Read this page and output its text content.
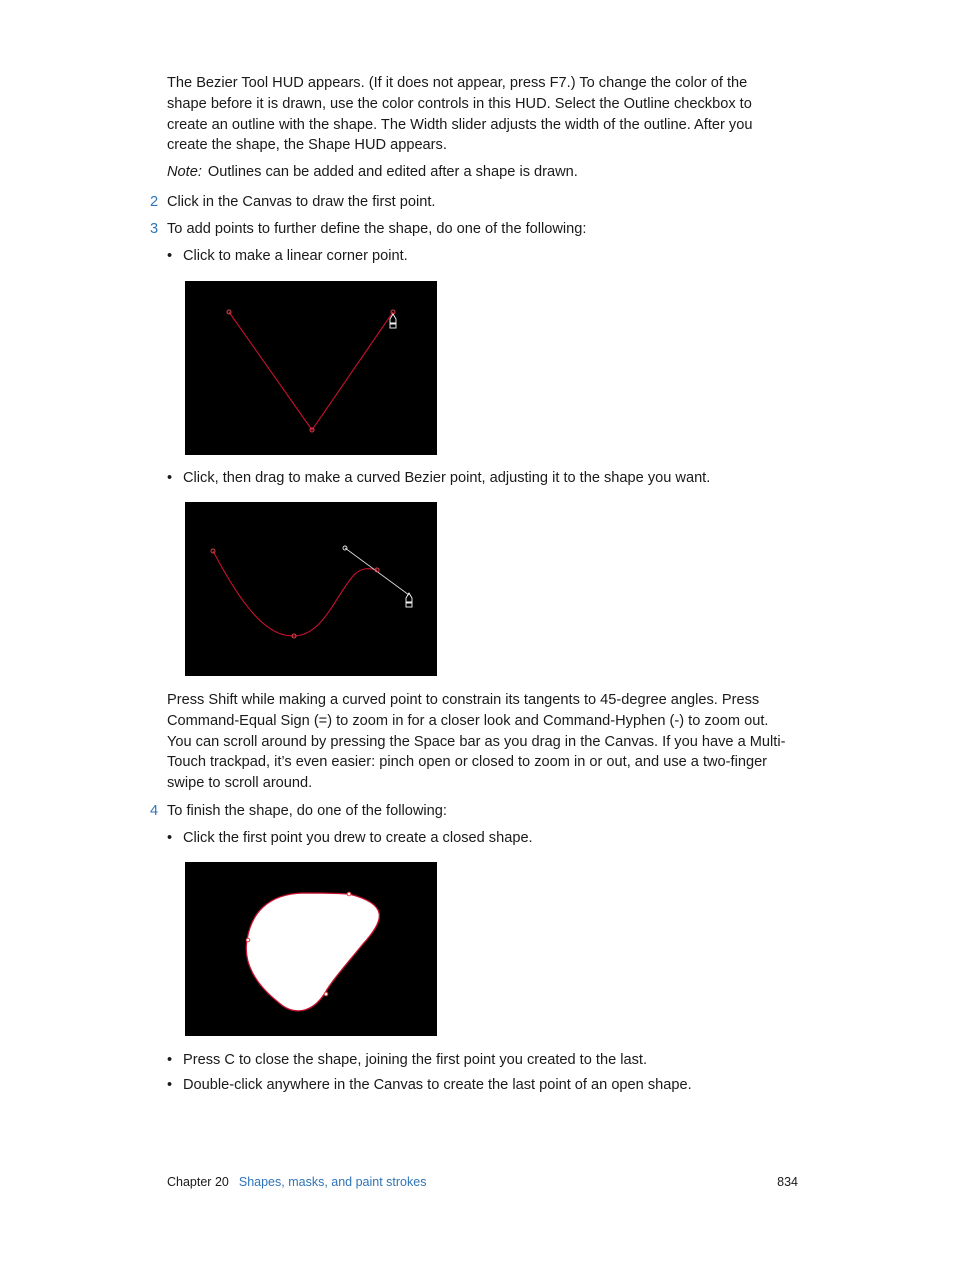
The Bezier Tool HUD appears. (If it does not appear, press F7.) To change the color of the shape before it is drawn, use the color controls in this HUD. Select the Outline checkbox to create an outline with the shape. The Width slider adjusts the width of the outline. After you create the shape, the Shape HUD appears.

Note: Outlines can be added and edited after a shape is drawn.

2 Click in the Canvas to draw the first point.
3 To add points to further define the shape, do one of the following:
• Click to make a linear corner point.
• Click, then drag to make a curved Bezier point, adjusting it to the shape you want.

Press Shift while making a curved point to constrain its tangents to 45-degree angles. Press Command-Equal Sign (=) to zoom in for a closer look and Command-Hyphen (-) to zoom out. You can scroll around by pressing the Space bar as you drag in the Canvas. If you have a Multi-Touch trackpad, it’s even easier: pinch open or closed to zoom in or out, and use a two-finger swipe to scroll around.

4 To finish the shape, do one of the following:
• Click the first point you drew to create a closed shape.
• Press C to close the shape, joining the first point you created to the last.
• Double-click anywhere in the Canvas to create the last point of an open shape.
Chapter 20 Shapes, masks, and paint strokes	834
